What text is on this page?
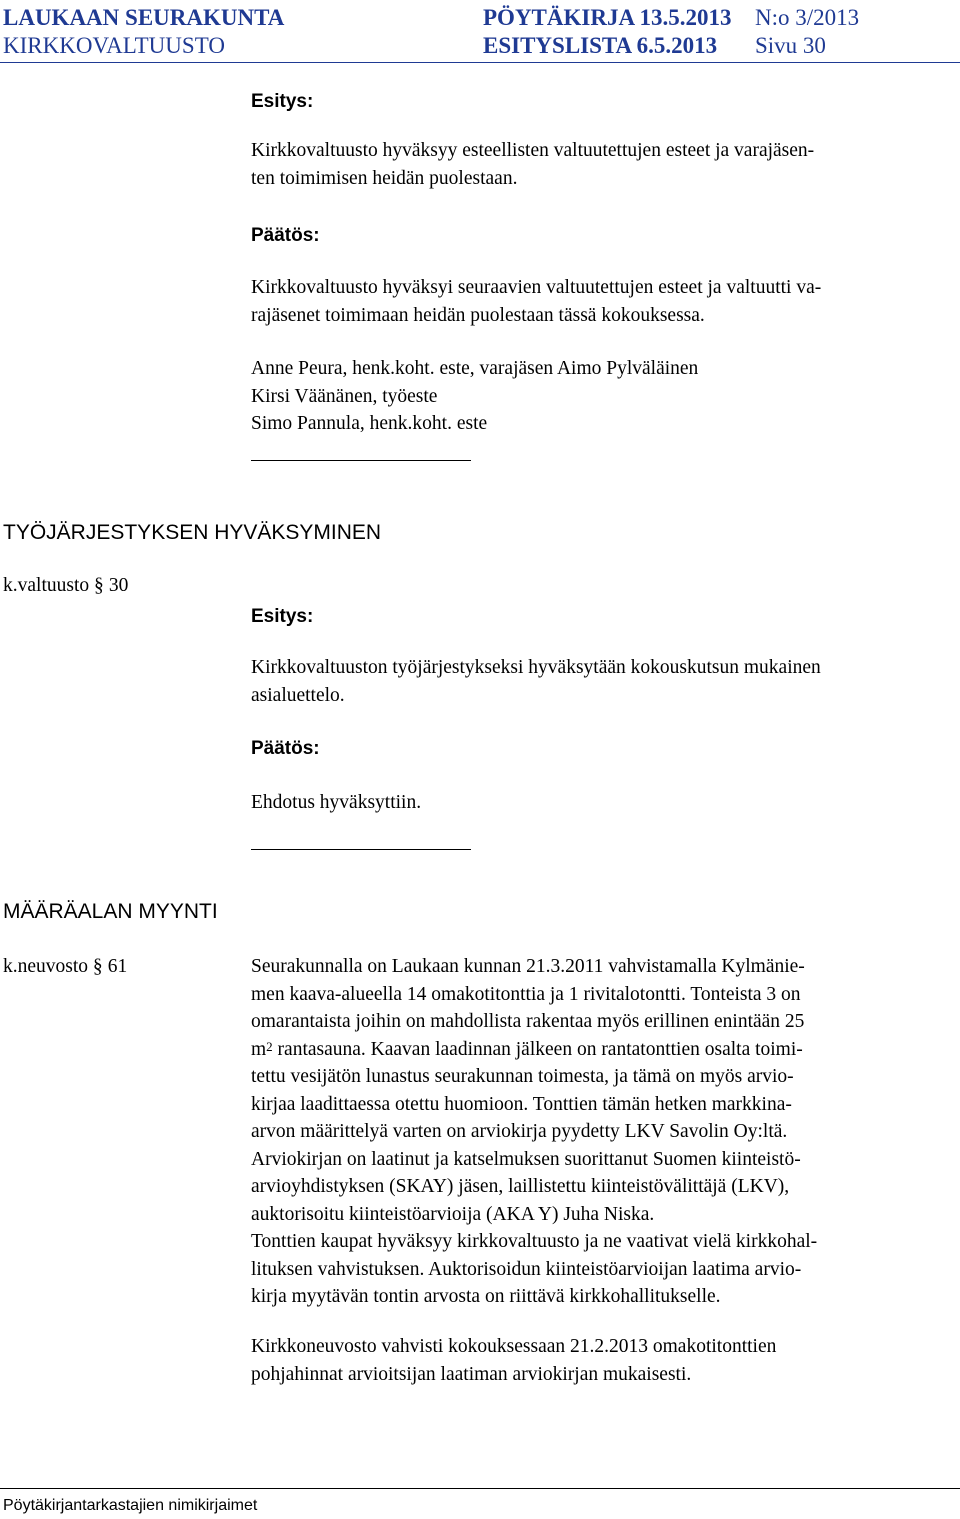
LAUKAAN SEURAKUNTA
KIRKKOVALTUUSTO
PÖYTÄKIRJA 13.5.2013
ESITYSLISTA 6.5.2013
N:o 3/2013
Sivu 30
Esitys:
Kirkkovaltuusto hyväksyy esteellisten valtuutettujen esteet ja varajäsen-
ten toimimisen heidän puolestaan.
Päätös:
Kirkkovaltuusto hyväksyi seuraavien valtuutettujen esteet ja valtuutti va-
rajäsenet toimimaan heidän puolestaan tässä kokouksessa.
Anne Peura, henk.koht. este, varajäsen Aimo Pylväläinen
Kirsi Väänänen, työeste
Simo Pannula, henk.koht. este
TYÖJÄRJESTYKSEN HYVÄKSYMINEN
k.valtuusto § 30
Esitys:
Kirkkovaltuuston työjärjestykseksi hyväksytään kokouskutsun mukainen
asialuettelo.
Päätös:
Ehdotus hyväksyttiin.
MÄÄRÄALAN MYYNTI
k.neuvosto § 61	Seurakunnalla on Laukaan kunnan 21.3.2011 vahvistamalla Kylmänie-
men kaava-alueella 14 omakotitonttia ja 1 rivitalotontti. Tonteista 3 on
omarantaista joihin on mahdollista rakentaa myös erillinen enintään 25
$m^2$ rantasauna. Kaavan laadinnan jälkeen on rantatonttien osalta toimi-
tettu vesijätön lunastus seurakunnan toimesta, ja tämä on myös arvio-
kirjaa laadittaessa otettu huomioon. Tonttien tämän hetken markkina-
arvon määrittelyä varten on arviokirja pyydetty LKV Savolin Oy:ltä.
Arviokirjan on laatinut ja katselmuksen suorittanut Suomen kiinteistö-
arvioyhdistyksen (SKAY) jäsen, laillistettu kiinteistövälittäjä (LKV),
auktorisoitu kiinteistöarvioija (AKA Y) Juha Niska.
Tonttien kaupat hyväksyy kirkkovaltuusto ja ne vaativat vielä kirkkohal-
lituksen vahvistuksen. Auktorisoidun kiinteistöarvioijan laatima arvio-
kirja myytävän tontin arvosta on riittävä kirkkohallitukselle.
Kirkkoneuvosto vahvisti kokouksessaan 21.2.2013 omakotitonttien
pohjahinnat arvioitsijan laatiman arviokirjan mukaisesti.
Pöytäkirjantarkastajien nimikirjaimet
